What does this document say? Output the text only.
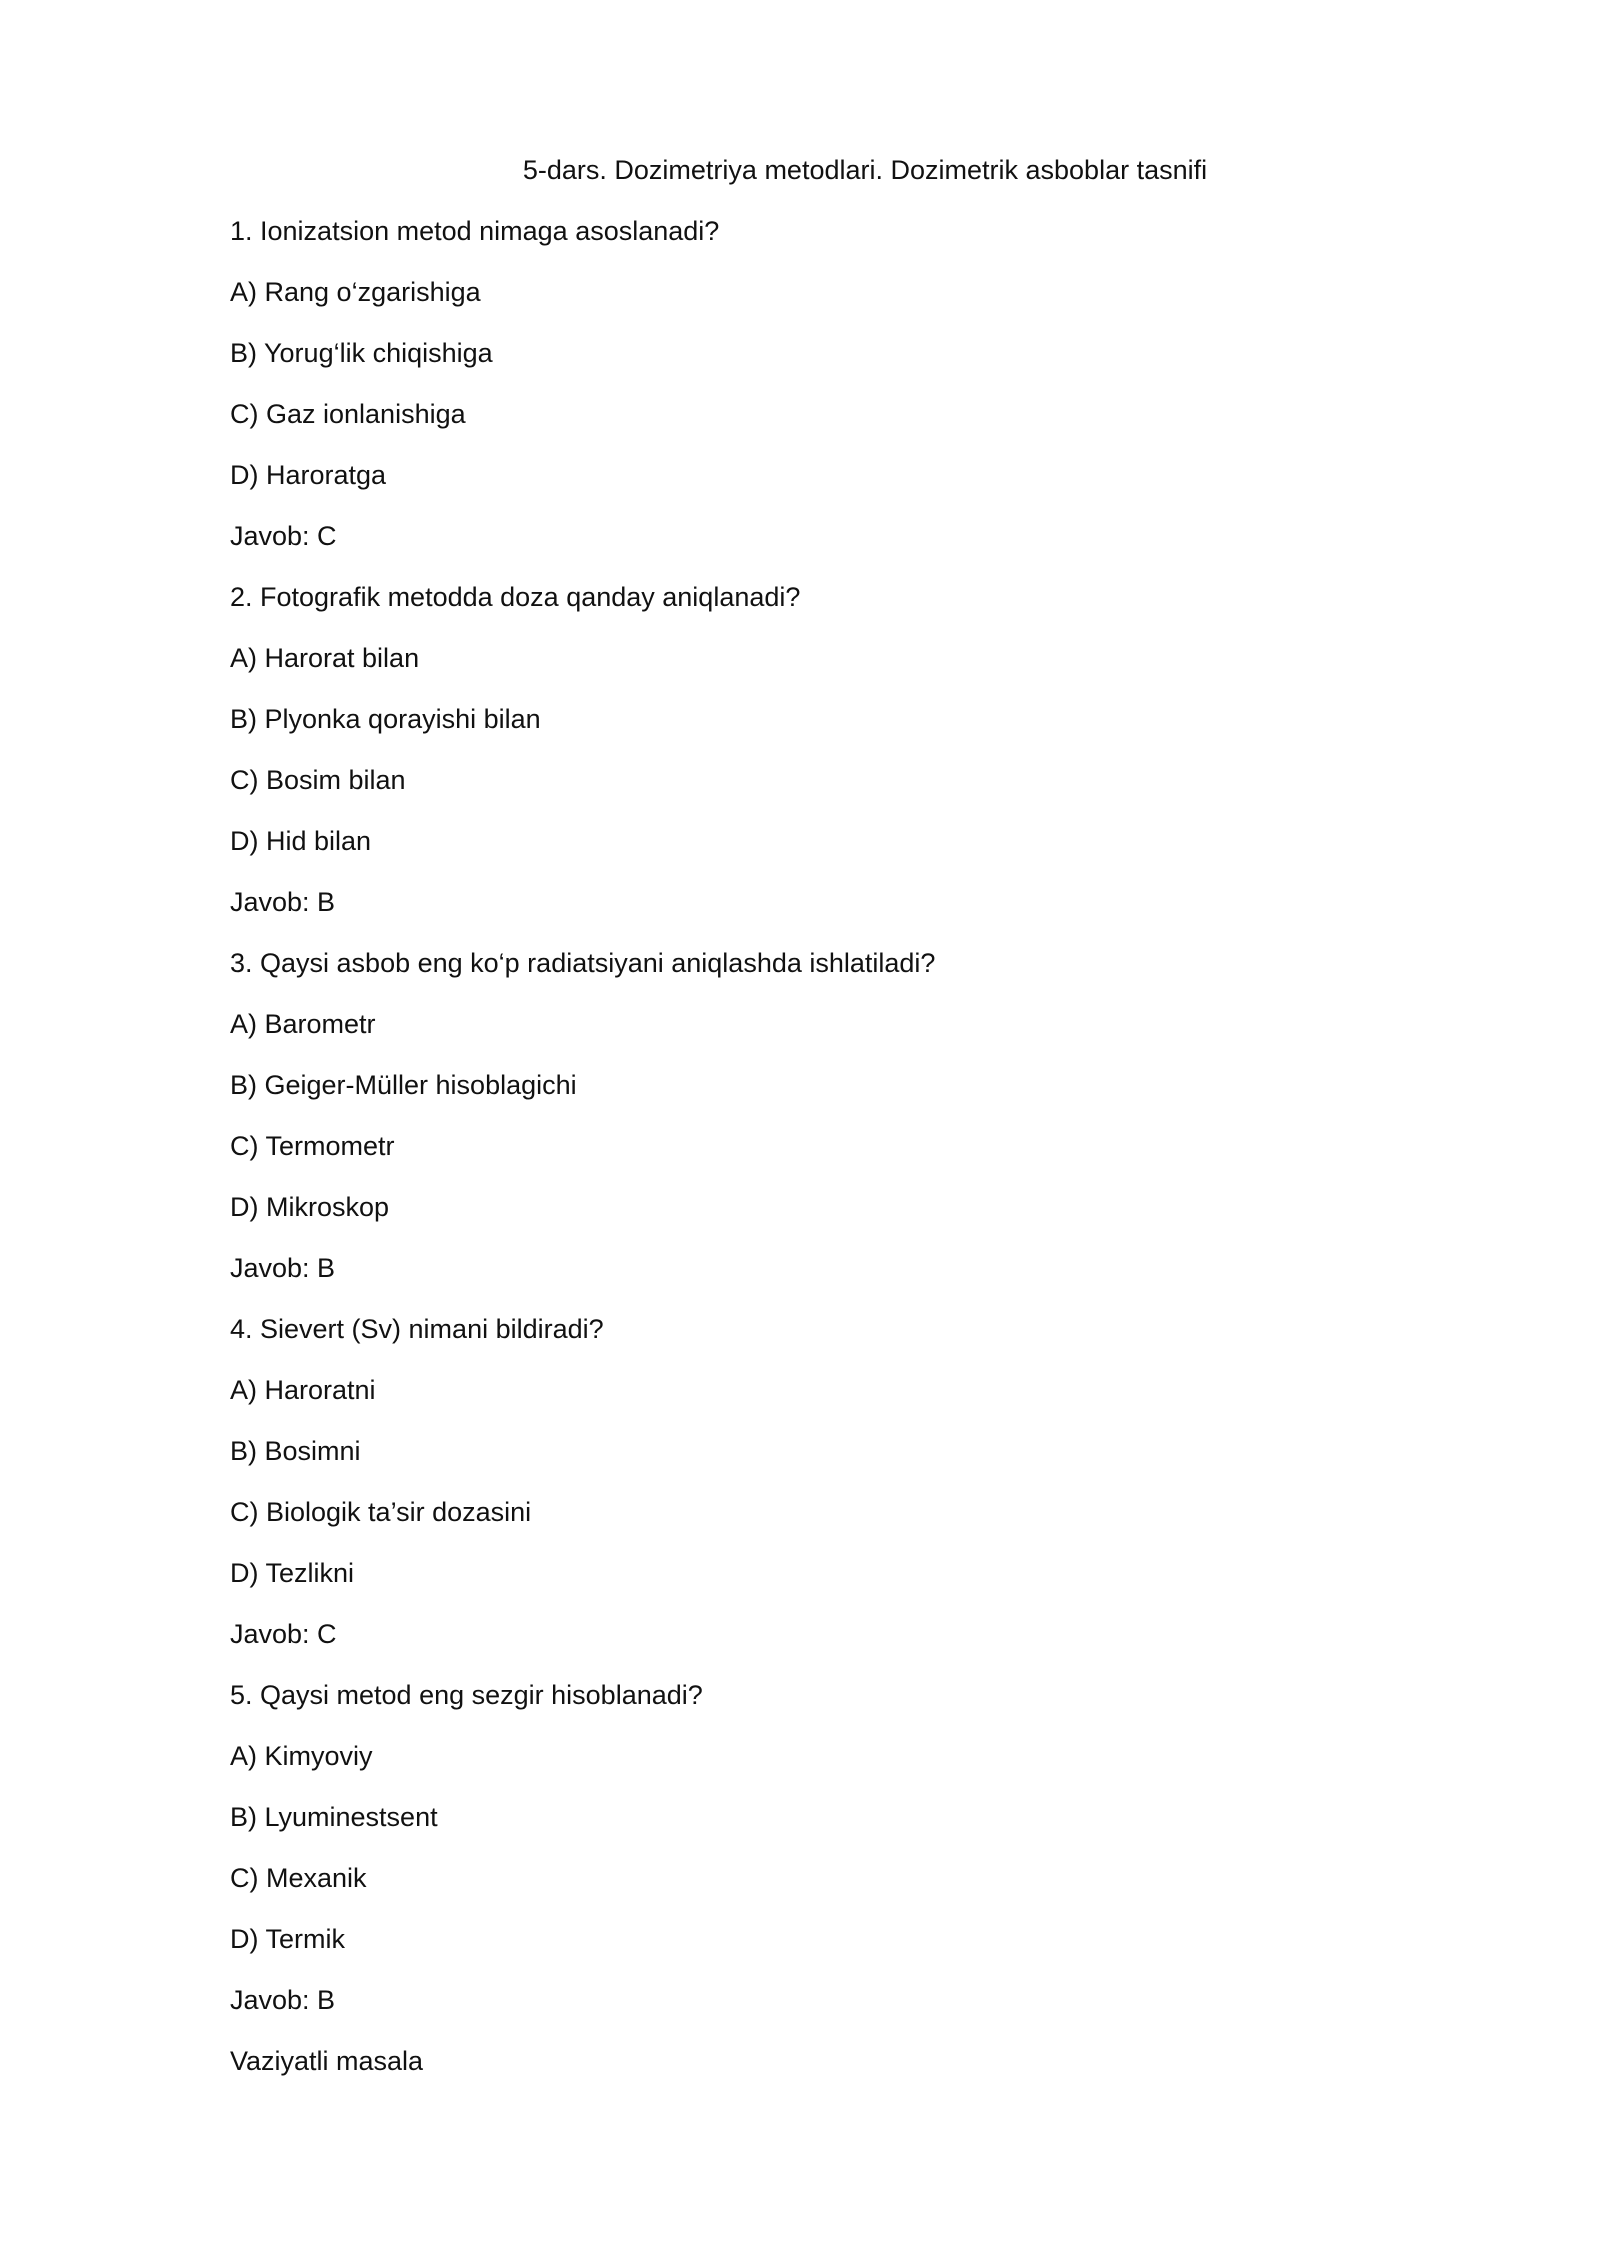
5-dars. Dozimetriya metodlari. Dozimetrik asboblar tasnifi

1. Ionizatsion metod nimaga asoslanadi?

A) Rang o‘zgarishiga

B) Yorug‘lik chiqishiga

C) Gaz ionlanishiga

D) Haroratga

Javob: C

2. Fotografik metodda doza qanday aniqlanadi?

A) Harorat bilan

B) Plyonka qorayishi bilan

C) Bosim bilan

D) Hid bilan

Javob: B

3. Qaysi asbob eng ko‘p radiatsiyani aniqlashda ishlatiladi?

A) Barometr

B) Geiger-Müller hisoblagichi

C) Termometr

D) Mikroskop

Javob: B

4. Sievert (Sv) nimani bildiradi?

A) Haroratni

B) Bosimni

C) Biologik ta’sir dozasini

D) Tezlikni

Javob: C

5. Qaysi metod eng sezgir hisoblanadi?

A) Kimyoviy

B) Lyuminestsent

C) Mexanik

D) Termik

Javob: B

Vaziyatli masala
